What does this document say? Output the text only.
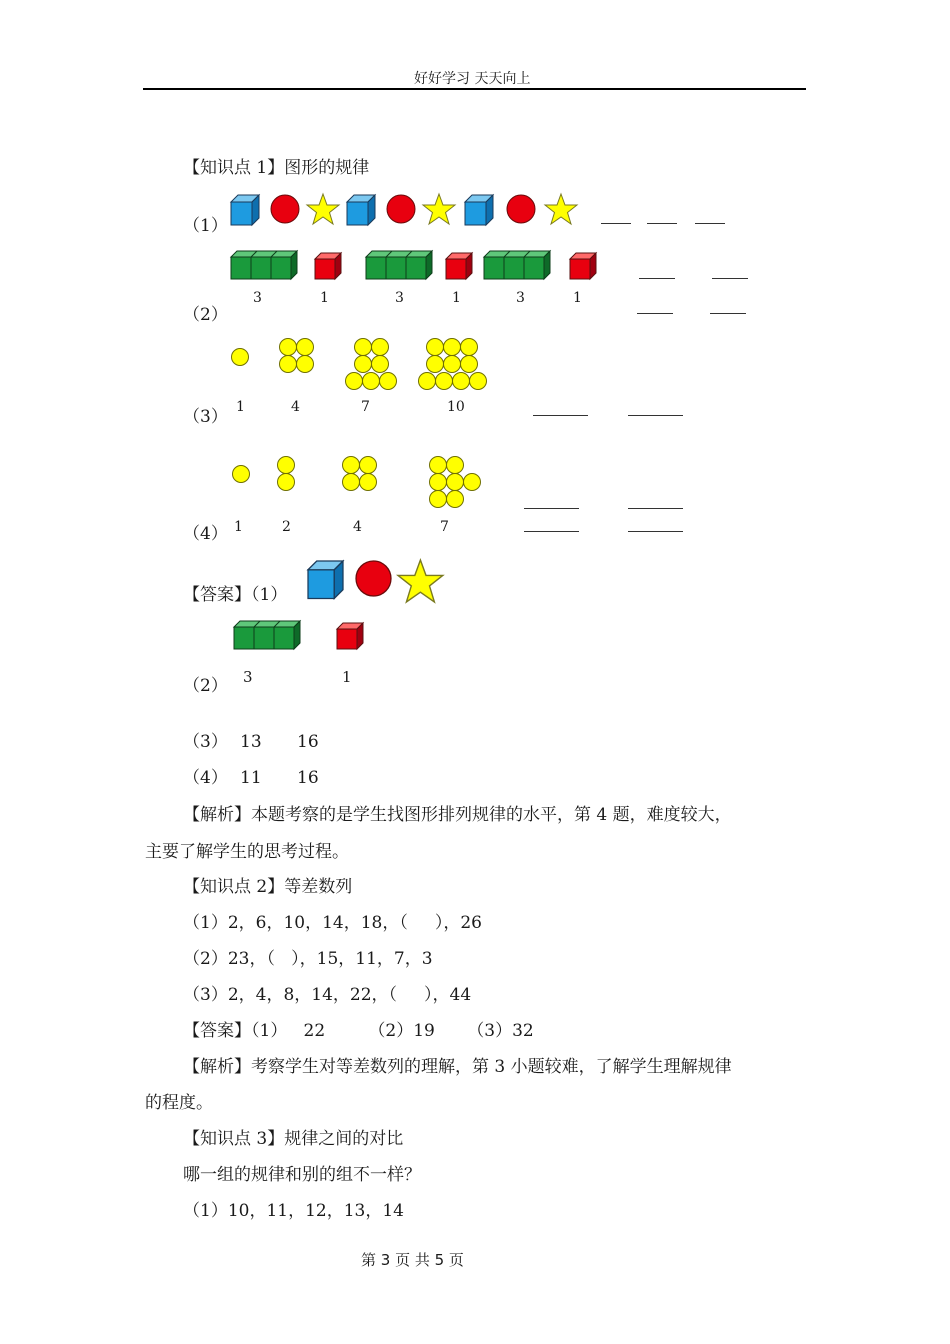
好好学习 天天向上
【知识点 1】图形的规律
（1）
3	1	3	1	3	1
（2）
1	4	7	10
（3）
1	2	4	7
（4）
【答案】（1）
3	1
（2）
（3） 13 16
（4） 11 16
【解析】本题考察的是学生找图形排列规律的水平，第 4 题，难度较大，
主要了解学生的思考过程。
【知识点 2】等差数列
（1）2，6，10，14，18，（     ），26
（2）23，（   ），15，11，7，3
（3）2，4，8，14，22，（     ），44
【答案】（1）   22        （2）19      （3）32
【解析】考察学生对等差数列的理解，第 3 小题较难，了解学生理解规律
的程度。
【知识点 3】规律之间的对比
哪一组的规律和别的组不一样？
（1）10，11，12，13，14
第 3 页 共 5 页
